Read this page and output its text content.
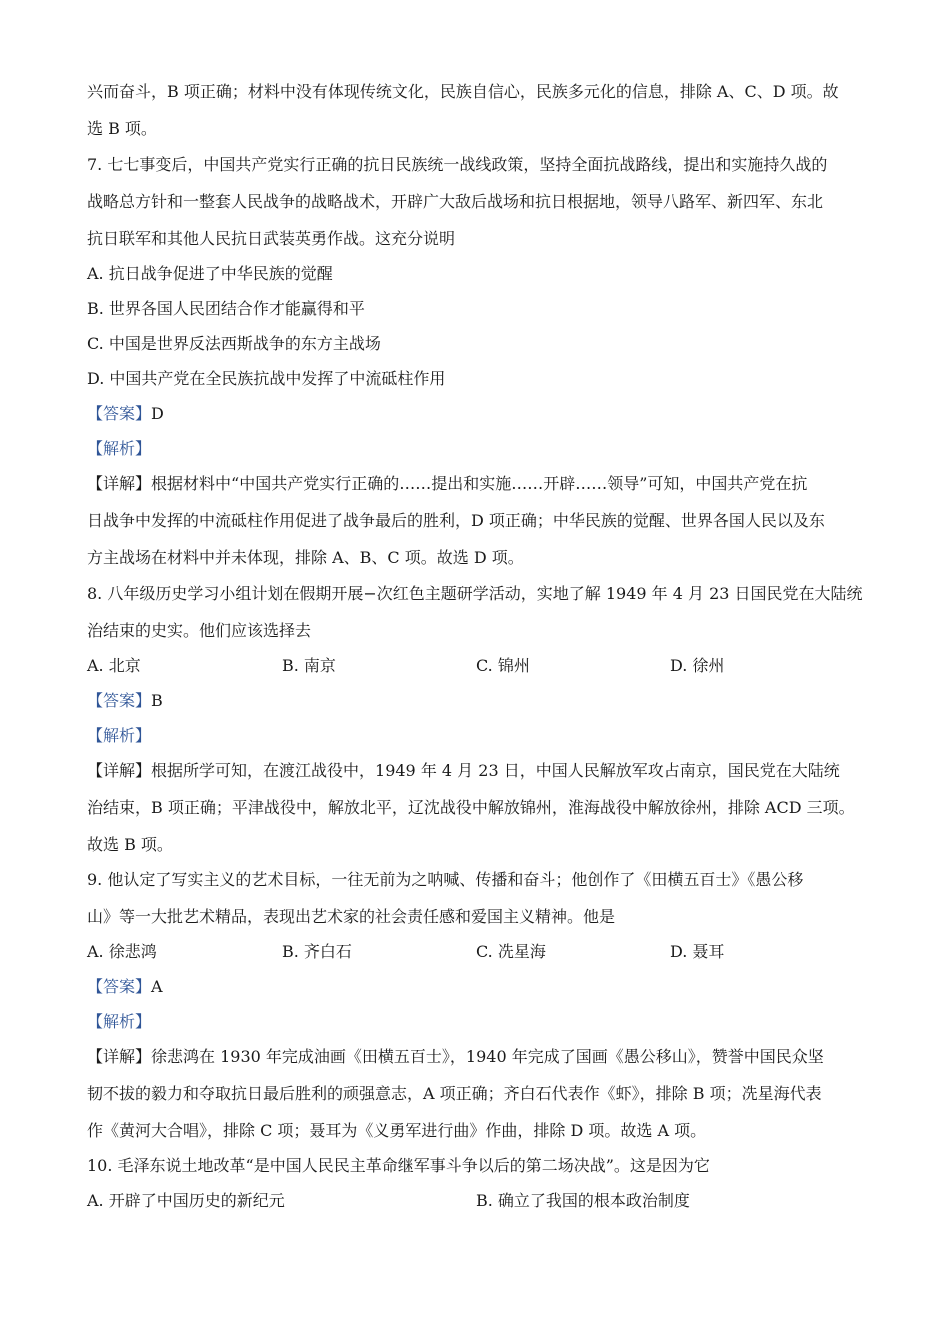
兴而奋斗，B 项正确；材料中没有体现传统文化，民族自信心，民族多元化的信息，排除 A、C、D 项。故
选 B 项。
7. 七七事变后，中国共产党实行正确的抗日民族统一战线政策，坚持全面抗战路线，提出和实施持久战的
战略总方针和一整套人民战争的战略战术，开辟广大敌后战场和抗日根据地，领导八路军、新四军、东北
抗日联军和其他人民抗日武装英勇作战。这充分说明
A. 抗日战争促进了中华民族的觉醒
B. 世界各国人民团结合作才能赢得和平
C. 中国是世界反法西斯战争的东方主战场
D. 中国共产党在全民族抗战中发挥了中流砥柱作用
【答案】D
【解析】
【详解】根据材料中“中国共产党实行正确的……提出和实施……开辟……领导”可知，中国共产党在抗
日战争中发挥的中流砥柱作用促进了战争最后的胜利，D 项正确；中华民族的觉醒、世界各国人民以及东
方主战场在材料中并未体现，排除 A、B、C 项。故选 D 项。
8. 八年级历史学习小组计划在假期开展−次红色主题研学活动，实地了解 1949 年 4 月 23 日国民党在大陆统
治结束的史实。他们应该选择去
A. 北京	B. 南京	C. 锦州	D. 徐州
【答案】B
【解析】
【详解】根据所学可知，在渡江战役中，1949 年 4 月 23 日，中国人民解放军攻占南京，国民党在大陆统
治结束，B 项正确；平津战役中，解放北平，辽沈战役中解放锦州，淮海战役中解放徐州，排除 ACD 三项。
故选 B 项。
9. 他认定了写实主义的艺术目标，一往无前为之呐喊、传播和奋斗；他创作了《田横五百士》《愚公移
山》等一大批艺术精品，表现出艺术家的社会责任感和爱国主义精神。他是
A. 徐悲鸿	B. 齐白石	C. 冼星海	D. 聂耳
【答案】A
【解析】
【详解】徐悲鸿在 1930 年完成油画《田横五百士》，1940 年完成了国画《愚公移山》，赞誉中国民众坚
韧不拔的毅力和夺取抗日最后胜利的顽强意志，A 项正确；齐白石代表作《虾》，排除 B 项；冼星海代表
作《黄河大合唱》，排除 C 项；聂耳为《义勇军进行曲》作曲，排除 D 项。故选 A 项。
10. 毛泽东说土地改革“是中国人民民主革命继军事斗争以后的第二场决战”。这是因为它
A. 开辟了中国历史的新纪元	B. 确立了我国的根本政治制度
